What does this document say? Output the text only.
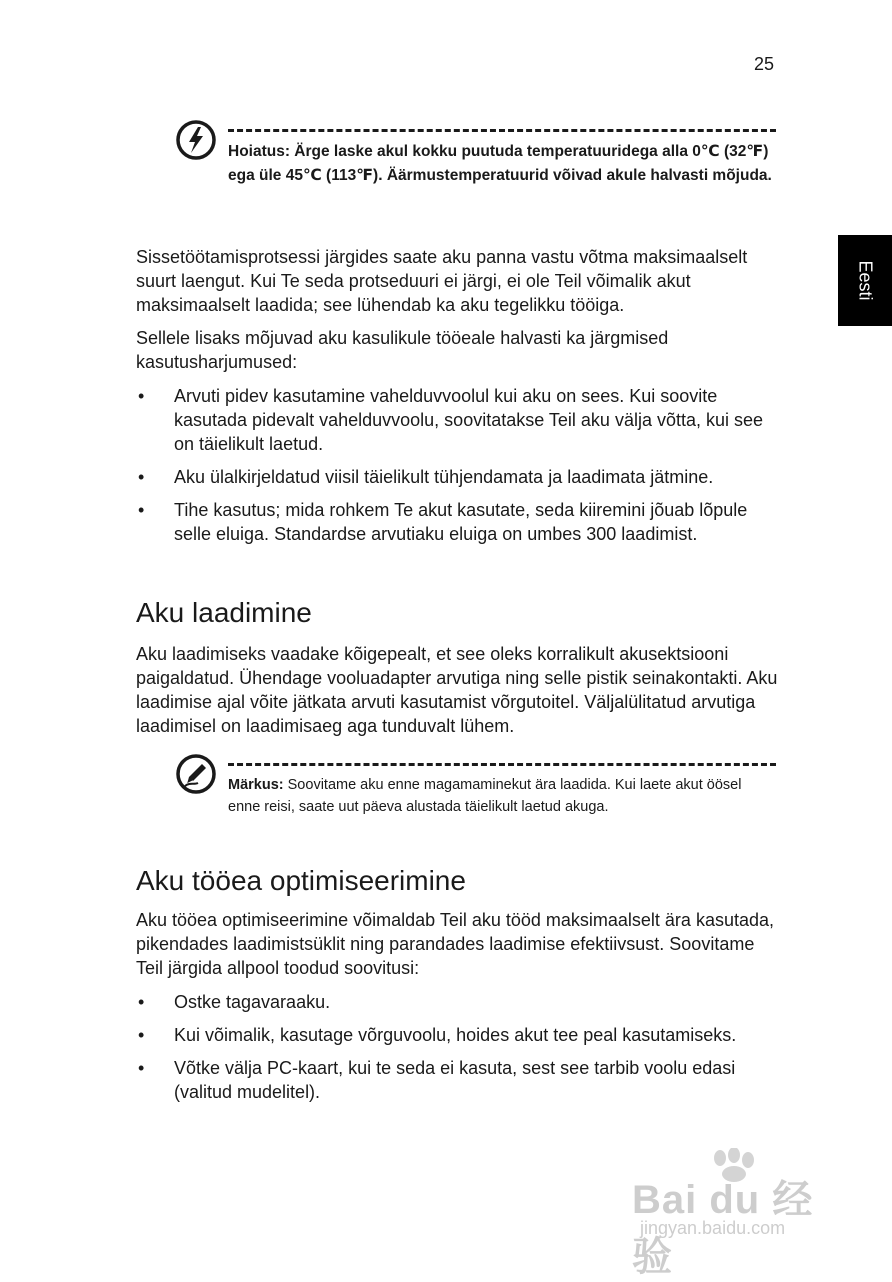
25
Eesti
Hoiatus: Ärge laske akul kokku puutuda temperatuuridega alla 0℃ (32℉) ega üle 45℃ (113℉). Äärmustemperatuurid võivad akule halvasti mõjuda.

Sissetöötamisprotsessi järgides saate aku panna vastu võtma maksimaalselt suurt laengut. Kui Te seda protseduuri ei järgi, ei ole Teil võimalik akut maksimaalselt laadida; see lühendab ka aku tegelikku tööiga.

Sellele lisaks mõjuvad aku kasulikule tööeale halvasti ka järgmised kasutusharjumused:

• Arvuti pidev kasutamine vahelduvvoolul kui aku on sees. Kui soovite kasutada pidevalt vahelduvvoolu, soovitatakse Teil aku välja võtta, kui see on täielikult laetud.
• Aku ülalkirjeldatud viisil täielikult tühjendamata ja laadimata jätmine.
• Tihe kasutus; mida rohkem Te akut kasutate, seda kiiremini jõuab lõpule selle eluiga. Standardse arvutiaku eluiga on umbes 300 laadimist.
Aku laadimine

Aku laadimiseks vaadake kõigepealt, et see oleks korralikult akusektsiooni paigaldatud. Ühendage vooluadapter arvutiga ning selle pistik seinakontakti. Aku laadimise ajal võite jätkata arvuti kasutamist võrgutoitel. Väljalülitatud arvutiga laadimisel on laadimisaeg aga tunduvalt lühem.

Märkus: Soovitame aku enne magamaminekut ära laadida. Kui laete akut öösel enne reisi, saate uut päeva alustada täielikult laetud akuga.
Aku tööea optimiseerimine

Aku tööea optimiseerimine võimaldab Teil aku tööd maksimaalselt ära kasutada, pikendades laadimistsüklit ning parandades laadimise efektiivsust. Soovitame Teil järgida allpool toodud soovitusi:

• Ostke tagavaraaku.
• Kui võimalik, kasutage võrguvoolu, hoides akut tee peal kasutamiseks.
• Võtke välja PC-kaart, kui te seda ei kasuta, sest see tarbib voolu edasi (valitud mudelitel).
Bai du 经验
jingyan.baidu.com
